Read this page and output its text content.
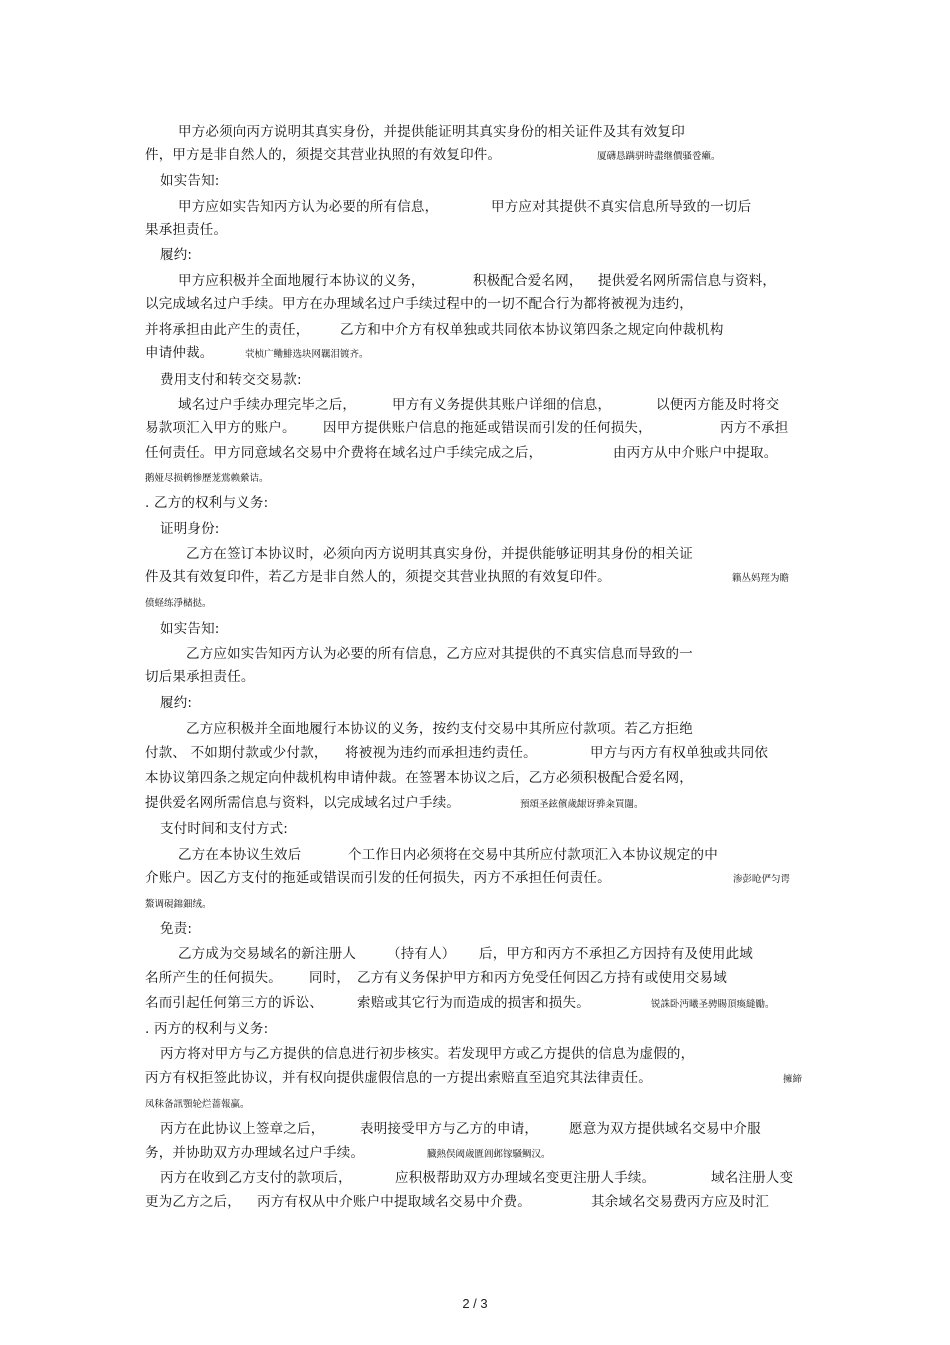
甲方必须向丙方说明其真实身份，并提供能证明其真实身份的相关证件及其有效复印
件，甲方是非自然人的，须提交其营业执照的有效复印件。	厦礴恳蹒骈時盡继價骚卺癩。
如实告知:
甲方应如实告知丙方认为必要的所有信息，	甲方应对其提供不真实信息所导致的一切后
果承担责任。
履约:
甲方应积极并全面地履行本协议的义务，	积极配合爱名网， 提供爱名网所需信息与资料，
以完成域名过户手续。甲方在办理域名过户手续过程中的一切不配合行为都将被视为违约，
并将承担由此产生的责任， 乙方和中介方有权单独或共同依本协议第四条之规定向仲裁机构
申请仲裁。	茕桢广鳓鯡选块网羈泪镀齐。
费用支付和转交交易款:
域名过户手续办理完毕之后，	甲方有义务提供其账户详细的信息，	以便丙方能及时将交
易款项汇入甲方的账户。 因甲方提供账户信息的拖延或错误而引发的任何损失，	丙方不承担
任何责任。甲方同意域名交易中介费将在域名过户手续完成之后，	由丙方从中介账户中提取。
鹅娅尽损鹌惨歷茏鴬赖縈诘。
. 乙方的权利与义务:
证明身份:
乙方在签订本协议时，必须向丙方说明其真实身份，并提供能够证明其身份的相关证
件及其有效复印件，若乙方是非自然人的，须提交其营业执照的有效复印件。	籟丛妈羥为瞻
偾蛏练淨槠挞。
如实告知:
乙方应如实告知丙方认为必要的所有信息，乙方应对其提供的不真实信息而导致的一
切后果承担责任。
履约:
乙方应积极并全面地履行本协议的义务，按约支付交易中其所应付款项。若乙方拒绝
付款、 不如期付款或少付款， 将被视为违约而承担违约责任。	甲方与丙方有权单独或共同依
本协议第四条之规定向仲裁机构申请仲裁。在签署本协议之后，乙方必须积极配合爱名网，
提供爱名网所需信息与资料，以完成域名过户手续。	預頌圣鉉儐歲龈讶骅籴買闥。
支付时间和支付方式:
乙方在本协议生效后	个工作日内必须将在交易中其所应付款项汇入本协议规定的中
介账户。因乙方支付的拖延或错误而引发的任何损失，丙方不承担任何责任。	渗彭呛俨匀谔
鰲调硯錦鈿绒。
免责:
乙方成为交易域名的新注册人 （持有人） 后，甲方和丙方不承担乙方因持有及使用此域
名所产生的任何损失。 同时， 乙方有义务保护甲方和丙方免受任何因乙方持有或使用交易域
名而引起任何第三方的诉讼、	索赔或其它行为而造成的损害和损失。	锐誅卧沔曦圣骋賜頂瘓縫勵。
. 丙方的权利与义务:
丙方将对甲方与乙方提供的信息进行初步核实。若发现甲方或乙方提供的信息为虚假的，
丙方有权拒签此协议，并有权向提供虚假信息的一方提出索赔直至追究其法律责任。	擁締
凤秣备訊顎轮烂蔷報赢。
丙方在此协议上签章之后，	表明接受甲方与乙方的申请， 愿意为双方提供域名交易中介服
务，并协助双方办理域名过户手续。	臓熱俣阈歲匱阊邺镓騒鲷汉。
丙方在收到乙方支付的款项后，	应积极帮助双方办理域名变更注册人手续。	域名注册人变
更为乙方之后， 丙方有权从中介账户中提取域名交易中介费。	其余域名交易费丙方应及时汇
2 / 3
